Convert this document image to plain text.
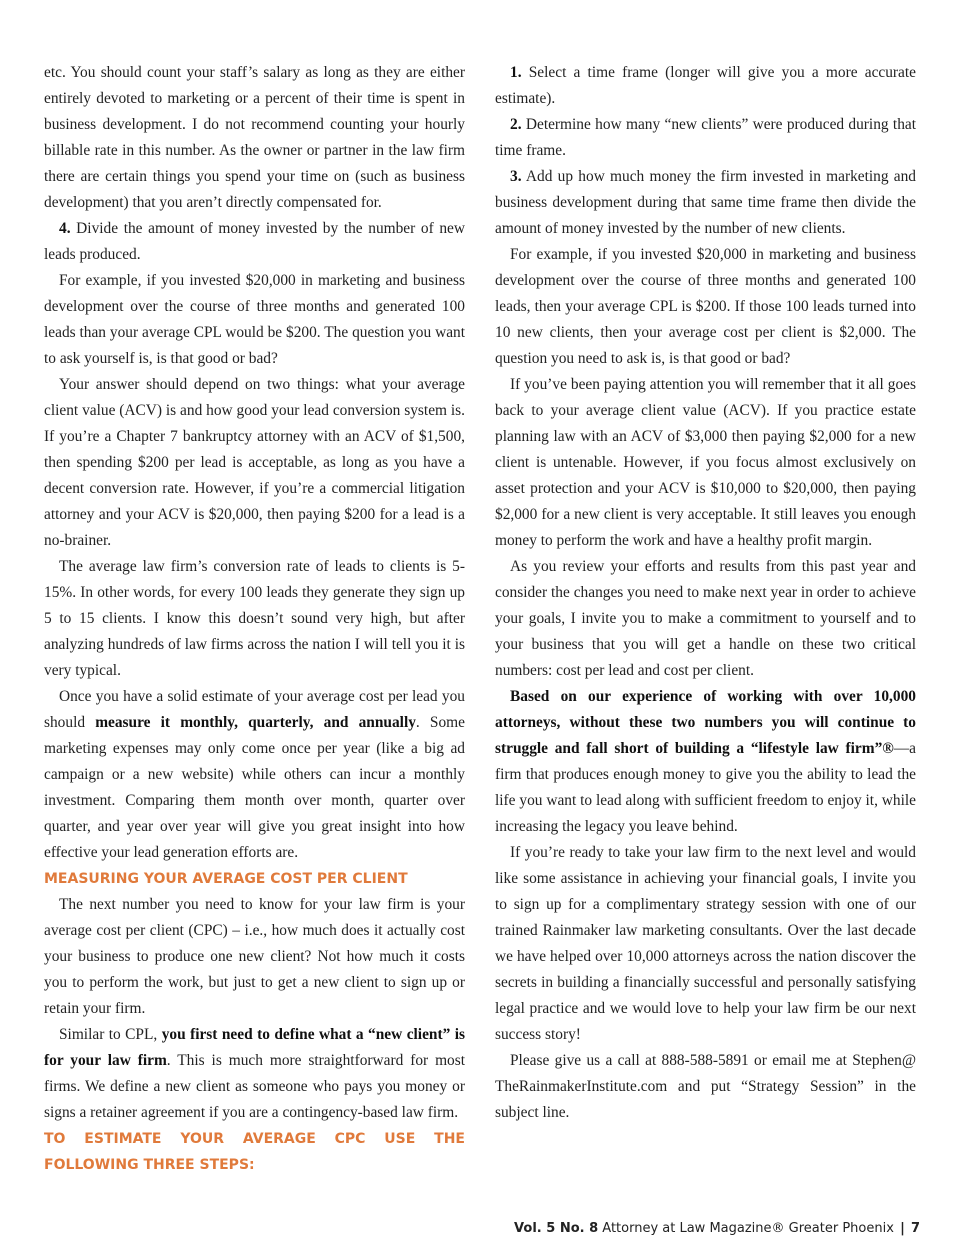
etc. You should count your staff’s salary as long as they are either entirely devoted to marketing or a percent of their time is spent in business development. I do not recommend counting your hourly billable rate in this number. As the owner or partner in the law firm there are certain things you spend your time on (such as business development) that you aren’t directly compensated for.

4. Divide the amount of money invested by the number of new leads produced.

For example, if you invested $20,000 in marketing and business development over the course of three months and generated 100 leads than your average CPL would be $200. The question you want to ask yourself is, is that good or bad?

Your answer should depend on two things: what your average client value (ACV) is and how good your lead conversion system is. If you’re a Chapter 7 bankruptcy attorney with an ACV of $1,500, then spending $200 per lead is acceptable, as long as you have a decent conversion rate. However, if you’re a commercial litigation attorney and your ACV is $20,000, then paying $200 for a lead is a no-brainer.

The average law firm’s conversion rate of leads to clients is 5-15%. In other words, for every 100 leads they generate they sign up 5 to 15 clients. I know this doesn’t sound very high, but after analyzing hundreds of law firms across the nation I will tell you it is very typical.

Once you have a solid estimate of your average cost per lead you should measure it monthly, quarterly, and annually. Some marketing expenses may only come once per year (like a big ad campaign or a new website) while others can incur a monthly investment. Comparing them month over month, quarter over quarter, and year over year will give you great insight into how effective your lead generation efforts are.

MEASURING YOUR AVERAGE COST PER CLIENT

The next number you need to know for your law firm is your average cost per client (CPC) – i.e., how much does it actually cost your business to produce one new client? Not how much it costs you to perform the work, but just to get a new client to sign up or retain your firm.

Similar to CPL, you first need to define what a “new client” is for your law firm. This is much more straightforward for most firms. We define a new client as someone who pays you money or signs a retainer agreement if you are a contingency-based law firm.

TO ESTIMATE YOUR AVERAGE CPC USE THE FOLLOWING THREE STEPS:

1. Select a time frame (longer will give you a more accurate estimate).

2. Determine how many “new clients” were produced during that time frame.

3. Add up how much money the firm invested in marketing and business development during that same time frame then divide the amount of money invested by the number of new clients.

For example, if you invested $20,000 in marketing and business development over the course of three months and generated 100 leads, then your average CPL is $200. If those 100 leads turned into 10 new clients, then your average cost per client is $2,000. The question you need to ask is, is that good or bad?

If you’ve been paying attention you will remember that it all goes back to your average client value (ACV). If you practice estate planning law with an ACV of $3,000 then paying $2,000 for a new client is untenable. However, if you focus almost exclusively on asset protection and your ACV is $10,000 to $20,000, then paying $2,000 for a new client is very acceptable. It still leaves you enough money to perform the work and have a healthy profit margin.

As you review your efforts and results from this past year and consider the changes you need to make next year in order to achieve your goals, I invite you to make a commitment to yourself and to your business that you will get a handle on these two critical numbers: cost per lead and cost per client.

Based on our experience of working with over 10,000 attorneys, without these two numbers you will continue to struggle and fall short of building a “lifestyle law firm”®—a firm that produces enough money to give you the ability to lead the life you want to lead along with sufficient freedom to enjoy it, while increasing the legacy you leave behind.

If you’re ready to take your law firm to the next level and would like some assistance in achieving your financial goals, I invite you to sign up for a complimentary strategy session with one of our trained Rainmaker law marketing consultants. Over the last decade we have helped over 10,000 attorneys across the nation discover the secrets in building a financially successful and personally satisfying legal practice and we would love to help your law firm be our next success story!

Please give us a call at 888-588-5891 or email me at Stephen@ TheRainmakerInstitute.com and put “Strategy Session” in the subject line.

Vol. 5 No. 8 Attorney at Law Magazine® Greater Phoenix | 7
